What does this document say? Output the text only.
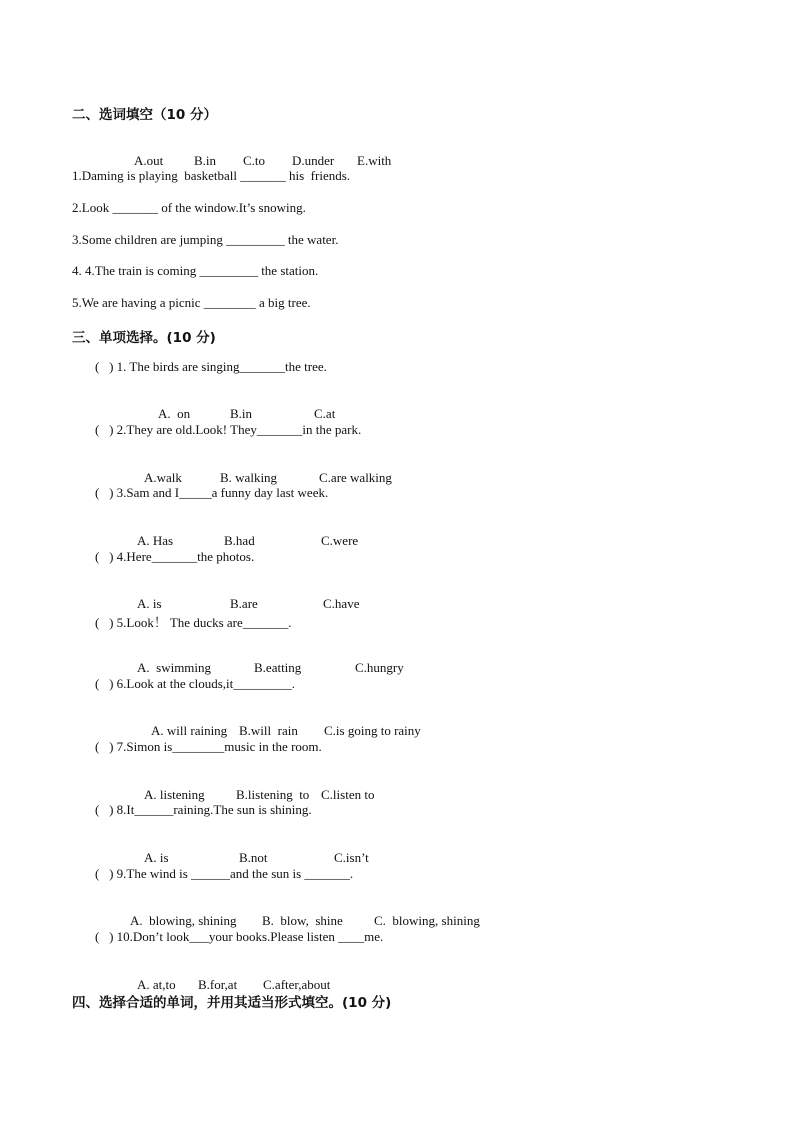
二、选词填空（10 分）

A.out B.in C.to D.under E.with

1.Daming is playing  basketball _______ his  friends.
2.Look _______ of the window.It’s snowing.
3.Some children are jumping _________ the water.
4. 4.The train is coming _________ the station.
5.We are having a picnic ________ a big tree.
三、单项选择。(10 分)
(   ) 1. The birds are singing_______the tree.

A.  on	B.in	C.at

(   ) 2.They are old.Look! They_______in the park.

A.walk	B. walking	C.are walking

(   ) 3.Sam and I_____a funny day last week.

A. Has	B.had	C.were

(   ) 4.Here_______the photos.

A. is	B.are	C.have

(   ) 5.Look！ The ducks are_______.

A.  swimming	B.eatting	C.hungry

(   ) 6.Look at the clouds,it_________.

A. will raining B.will  rain C.is going to rainy

(   ) 7.Simon is________music in the room.

A. listening B.listening  to C.listen to

(   ) 8.It______raining.The sun is shining.

A. is	B.not	C.isn’t

(   ) 9.The wind is ______and the sun is _______.

A.  blowing, shining B.  blow,  shine C.  blowing, shining

(   ) 10.Don’t look___your books.Please listen ____me.

A. at,to B.for,at C.after,about

四、选择合适的单词，并用其适当形式填空。(10 分)
